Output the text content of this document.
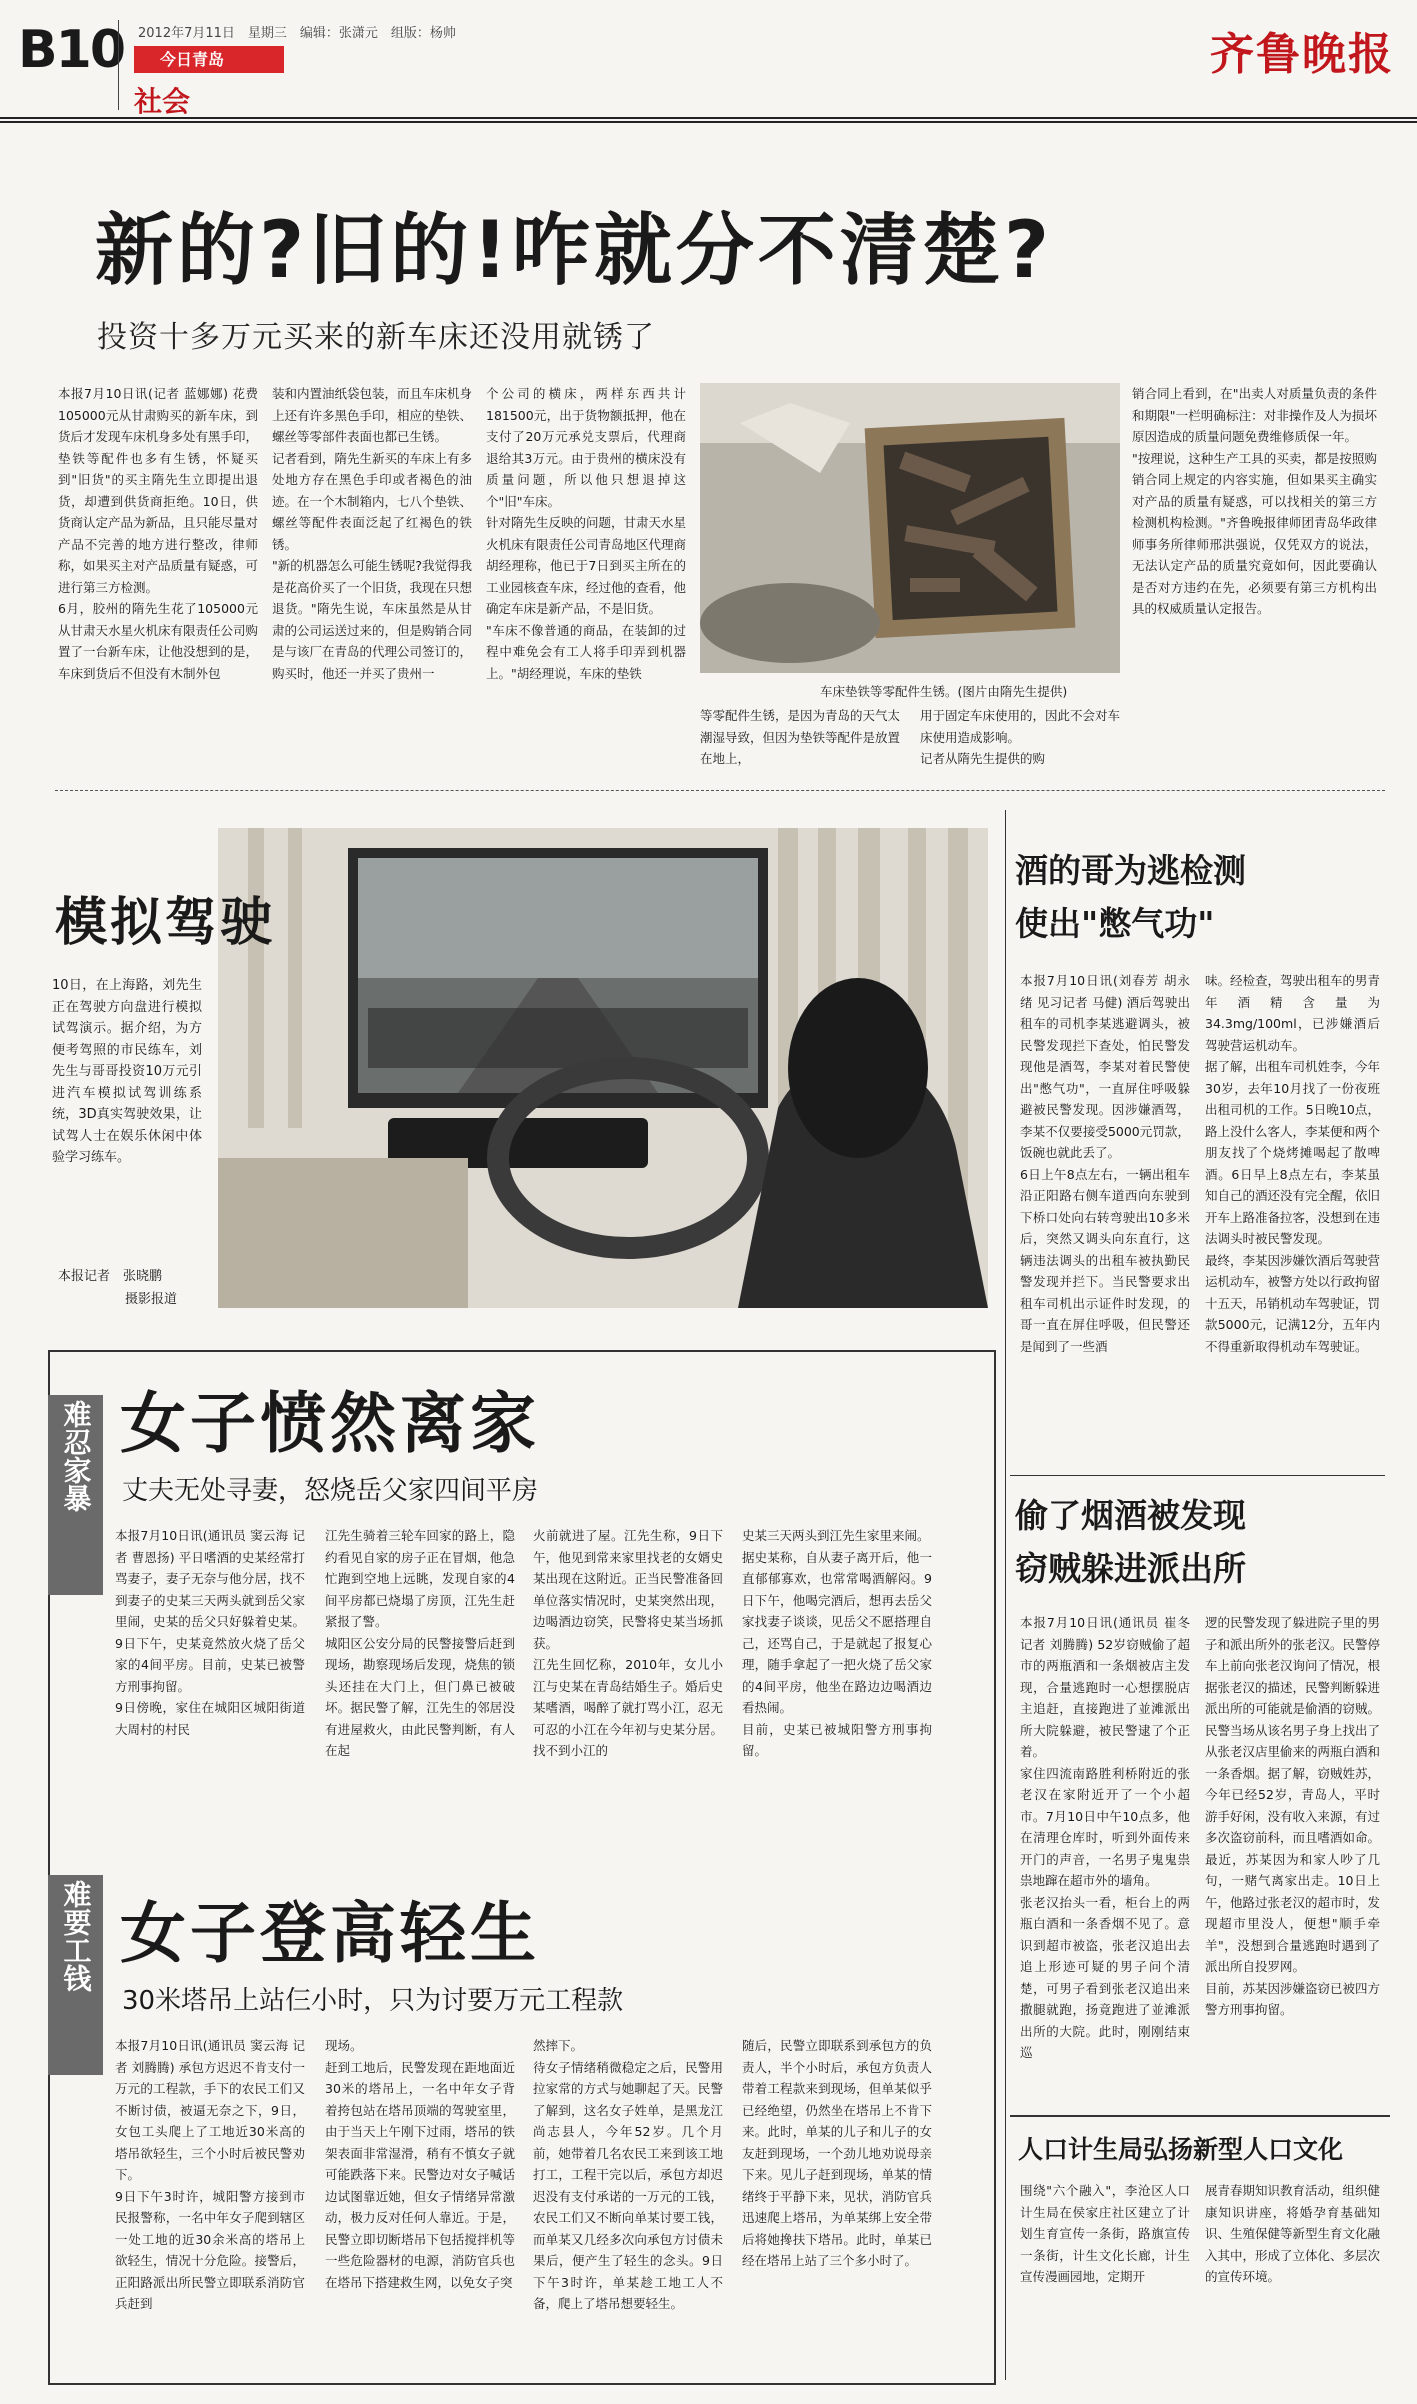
B10 2012年7月11日　星期三　编辑：张潇元　组版：杨帅
今日青岛
社会
齐鲁晚报
新的?旧的!咋就分不清楚?
投资十多万元买来的新车床还没用就锈了
本报7月10日讯(记者 蓝娜娜) 花费105000元从甘肃购买的新车床，到货后才发现车床机身多处有黑手印，垫铁等配件也多有生锈，怀疑买到"旧货"的买主隋先生立即提出退货，却遭到供货商拒绝。10日，供货商认定产品为新品，且只能尽量对产品不完善的地方进行整改，律师称，如果买主对产品质量有疑惑，可进行第三方检测。
6月，胶州的隋先生花了105000元从甘肃天水星火机床有限责任公司购置了一台新车床，让他没想到的是，车床到货后不但没有木制外包
装和内置油纸袋包装，而且车床机身上还有许多黑色手印，相应的垫铁、螺丝等零部件表面也都已生锈。
记者看到，隋先生新买的车床上有多处地方存在黑色手印或者褐色的油迹。在一个木制箱内，七八个垫铁、螺丝等配件表面泛起了红褐色的铁锈。
"新的机器怎么可能生锈呢?我觉得我是花高价买了一个旧货，我现在只想退货。"隋先生说，车床虽然是从甘肃的公司运送过来的，但是购销合同是与该厂在青岛的代理公司签订的，购买时，他还一并买了贵州一
个公司的横床，两样东西共计181500元，出于货物额抵押，他在支付了20万元承兑支票后，代理商退给其3万元。由于贵州的横床没有质量问题，所以他只想退掉这个"旧"车床。
针对隋先生反映的问题，甘肃天水星火机床有限责任公司青岛地区代理商胡经理称，他已于7日到买主所在的工业园核查车床，经过他的查看，他确定车床是新产品，不是旧货。
"车床不像普通的商品，在装卸的过程中难免会有工人将手印弄到机器上。"胡经理说，车床的垫铁
车床垫铁等零配件生锈。(图片由隋先生提供)
等零配件生锈，是因为青岛的天气太潮湿导致，但因为垫铁等配件是放置在地上，
用于固定车床使用的，因此不会对车床使用造成影响。
记者从隋先生提供的购
销合同上看到，在"出卖人对质量负责的条件和期限"一栏明确标注：对非操作及人为损坏原因造成的质量问题免费维修质保一年。
"按理说，这种生产工具的买卖，都是按照购销合同上规定的内容实施，但如果买主确实对产品的质量有疑惑，可以找相关的第三方检测机构检测。"齐鲁晚报律师团青岛华政律师事务所律师邢洪强说，仅凭双方的说法，无法认定产品的质量究竟如何，因此要确认是否对方违约在先，必须要有第三方机构出具的权威质量认定报告。
模拟驾驶
10日，在上海路，刘先生正在驾驶方向盘进行模拟试驾演示。据介绍，为方便考驾照的市民练车，刘先生与哥哥投资10万元引进汽车模拟试驾训练系统，3D真实驾驶效果，让试驾人士在娱乐休闲中体验学习练车。
本报记者　张晓鹏
摄影报道
酒的哥为逃检测
使出"憋气功"
本报7月10日讯(刘春芳 胡永绪 见习记者 马健) 酒后驾驶出租车的司机李某逃避调头，被民警发现拦下查处，怕民警发现他是酒驾，李某对着民警使出"憋气功"，一直屏住呼吸躲避被民警发现。因涉嫌酒驾，李某不仅要接受5000元罚款，饭碗也就此丢了。
6日上午8点左右，一辆出租车沿正阳路右侧车道西向东驶到下桥口处向右转弯驶出10多米后，突然又调头向东直行，这辆违法调头的出租车被执勤民警发现并拦下。当民警要求出租车司机出示证件时发现，的哥一直在屏住呼吸，但民警还是闻到了一些酒
味。经检查，驾驶出租车的男青年酒精含量为34.3mg/100ml，已涉嫌酒后驾驶营运机动车。
据了解，出租车司机姓李，今年30岁，去年10月找了一份夜班出租司机的工作。5日晚10点，路上没什么客人，李某便和两个朋友找了个烧烤摊喝起了散啤酒。6日早上8点左右，李某虽知自己的酒还没有完全醒，依旧开车上路准备拉客，没想到在违法调头时被民警发现。
最终，李某因涉嫌饮酒后驾驶营运机动车，被警方处以行政拘留十五天，吊销机动车驾驶证，罚款5000元，记满12分，五年内不得重新取得机动车驾驶证。
偷了烟酒被发现
窃贼躲进派出所
本报7月10日讯(通讯员 崔冬 记者 刘腾腾) 52岁窃贼偷了超市的两瓶酒和一条烟被店主发现，合量逃跑时一心想摆脱店主追赶，直接跑进了並滩派出所大院躲避，被民警逮了个正着。
家住四流南路胜利桥附近的张老汉在家附近开了一个小超市。7月10日中午10点多，他在清理仓库时，听到外面传来开门的声音，一名男子鬼鬼祟祟地蹿在超市外的墙角。
张老汉抬头一看，柜台上的两瓶白酒和一条香烟不见了。意识到超市被盗，张老汉追出去追上形迹可疑的男子问个清楚，可男子看到张老汉追出来撒腿就跑，扬竟跑进了並滩派出所的大院。此时，刚刚结束巡
逻的民警发现了躲进院子里的男子和派出所外的张老汉。民警停车上前向张老汉询问了情况，根据张老汉的描述，民警判断躲进派出所的可能就是偷酒的窃贼。
民警当场从该名男子身上找出了从张老汉店里偷来的两瓶白酒和一条香烟。据了解，窃贼姓苏，今年已经52岁，青岛人，平时游手好闲，没有收入来源，有过多次盗窃前科，而且嗜酒如命。最近，苏某因为和家人吵了几句，一赌气离家出走。10日上午，他路过张老汉的超市时，发现超市里没人，便想"顺手牵羊"，没想到合量逃跑时遇到了派出所自投罗网。
目前，苏某因涉嫌盗窃已被四方警方刑事拘留。
人口计生局弘扬新型人口文化
围绕"六个融入"，李沧区人口计生局在侯家庄社区建立了计划生育宣传一条街，路旗宣传一条街，计生文化长廊，计生宣传漫画园地，定期开
展青春期知识教育活动，组织健康知识讲座，将婚孕育基础知识、生殖保健等新型生育文化融入其中，形成了立体化、多层次的宣传环境。
难忍家暴 女子愤然离家
丈夫无处寻妻，怒烧岳父家四间平房
本报7月10日讯(通讯员 窦云海 记者 曹恩扬) 平日嗜酒的史某经常打骂妻子，妻子无奈与他分居，找不到妻子的史某三天两头就到岳父家里闹，史某的岳父只好躲着史某。9日下午，史某竟然放火烧了岳父家的4间平房。目前，史某已被警方刑事拘留。
9日傍晚，家住在城阳区城阳街道大周村的村民
江先生骑着三轮车回家的路上，隐约看见自家的房子正在冒烟，他急忙跑到空地上远眺，发现自家的4间平房都已烧塌了房顶，江先生赶紧报了警。
城阳区公安分局的民警接警后赶到现场，勘察现场后发现，烧焦的锁头还挂在大门上，但门鼻已被破坏。据民警了解，江先生的邻居没有进屋救火，由此民警判断，有人在起
火前就进了屋。江先生称，9日下午，他见到常来家里找老的女婿史某出现在这附近。正当民警准备回单位落实情况时，史某突然出现，边喝酒边窃笑，民警将史某当场抓获。
江先生回忆称，2010年，女儿小江与史某在青岛结婚生子。婚后史某嗜酒，喝醉了就打骂小江，忍无可忍的小江在今年初与史某分居。找不到小江的
史某三天两头到江先生家里来闹。
据史某称，自从妻子离开后，他一直郁郁寡欢，也常常喝酒解闷。9日下午，他喝完酒后，想再去岳父家找妻子谈谈，见岳父不愿搭理自己，还骂自己，于是就起了报复心理，随手拿起了一把火烧了岳父家的4间平房，他坐在路边边喝酒边看热闹。
目前，史某已被城阳警方刑事拘留。
难要工钱 女子登高轻生
30米塔吊上站仨小时，只为讨要万元工程款
本报7月10日讯(通讯员 窦云海 记者 刘腾腾) 承包方迟迟不肯支付一万元的工程款，手下的农民工们又不断讨债，被逼无奈之下，9日，女包工头爬上了工地近30米高的塔吊欲轻生，三个小时后被民警劝下。
9日下午3时许，城阳警方接到市民报警称，一名中年女子爬到辖区一处工地的近30余米高的塔吊上欲轻生，情况十分危险。接警后，正阳路派出所民警立即联系消防官兵赶到
现场。
赶到工地后，民警发现在距地面近30米的塔吊上，一名中年女子背着挎包站在塔吊顶端的驾驶室里，由于当天上午刚下过雨，塔吊的铁架表面非常湿滑，稍有不慎女子就可能跌落下来。民警边对女子喊话边试图靠近她，但女子情绪异常激动，极力反对任何人靠近。于是，民警立即切断塔吊下包括搅拌机等一些危险器材的电源，消防官兵也在塔吊下搭建救生网，以免女子突
然摔下。
待女子情绪稍微稳定之后，民警用拉家常的方式与她聊起了天。民警了解到，这名女子姓单，是黑龙江尚志县人，今年52岁。几个月前，她带着几名农民工来到该工地打工，工程干完以后，承包方却迟迟没有支付承诺的一万元的工钱，农民工们又不断向单某讨要工钱，而单某又几经多次向承包方讨债未果后，便产生了轻生的念头。9日下午3时许，单某趁工地工人不备，爬上了塔吊想要轻生。
随后，民警立即联系到承包方的负责人，半个小时后，承包方负责人带着工程款来到现场，但单某似乎已经绝望，仍然坐在塔吊上不肯下来。此时，单某的儿子和儿子的女友赶到现场，一个劲儿地劝说母亲下来。见儿子赶到现场，单某的情绪终于平静下来，见状，消防官兵迅速爬上塔吊，为单某绑上安全带后将她搀扶下塔吊。此时，单某已经在塔吊上站了三个多小时了。
